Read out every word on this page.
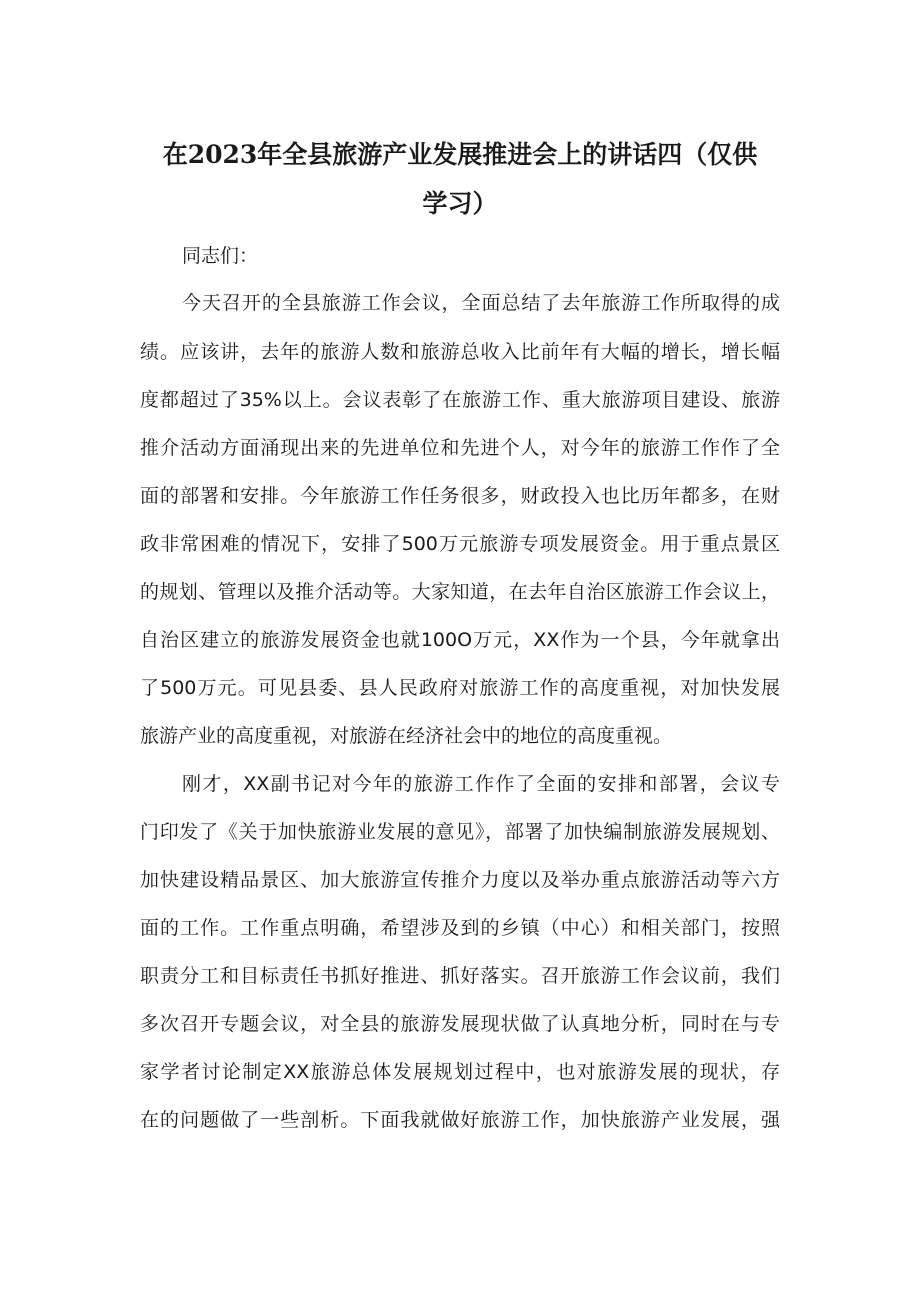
在2023年全县旅游产业发展推进会上的讲话四（仅供
学习）
同志们：
今天召开的全县旅游工作会议，全面总结了去年旅游工作所取得的成
绩。应该讲，去年的旅游人数和旅游总收入比前年有大幅的增长，增长幅
度都超过了35%以上。会议表彰了在旅游工作、重大旅游项目建设、旅游
推介活动方面涌现出来的先进单位和先进个人，对今年的旅游工作作了全
面的部署和安排。今年旅游工作任务很多，财政投入也比历年都多，在财
政非常困难的情况下，安排了500万元旅游专项发展资金。用于重点景区
的规划、管理以及推介活动等。大家知道，在去年自治区旅游工作会议上，
自治区建立的旅游发展资金也就100O万元，XX作为一个县，今年就拿出
了500万元。可见县委、县人民政府对旅游工作的高度重视，对加快发展
旅游产业的高度重视，对旅游在经济社会中的地位的高度重视。
刚才，XX副书记对今年的旅游工作作了全面的安排和部署，会议专
门印发了《关于加快旅游业发展的意见》，部署了加快编制旅游发展规划、
加快建设精品景区、加大旅游宣传推介力度以及举办重点旅游活动等六方
面的工作。工作重点明确，希望涉及到的乡镇（中心）和相关部门，按照
职责分工和目标责任书抓好推进、抓好落实。召开旅游工作会议前，我们
多次召开专题会议，对全县的旅游发展现状做了认真地分析，同时在与专
家学者讨论制定XX旅游总体发展规划过程中，也对旅游发展的现状，存
在的问题做了一些剖析。下面我就做好旅游工作，加快旅游产业发展，强
